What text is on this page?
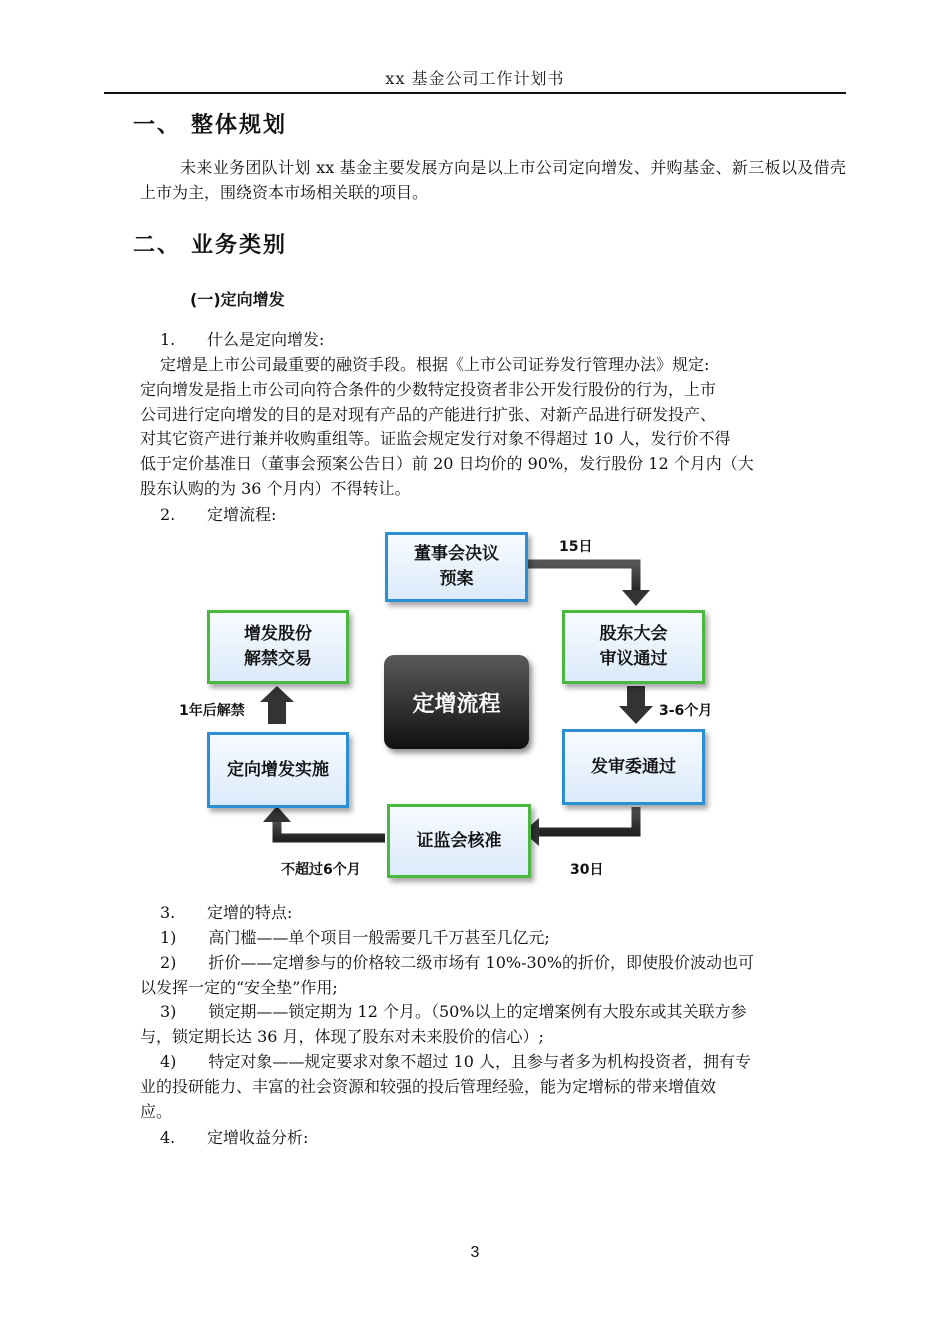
xx 基金公司工作计划书
一、 整体规划
未来业务团队计划 xx 基金主要发展方向是以上市公司定向增发、并购基金、新三板以及借壳上市为主，围绕资本市场相关联的项目。
二、 业务类别
(一)定向增发
1. 什么是定向增发:
定增是上市公司最重要的融资手段。根据《上市公司证券发行管理办法》规定:
定向增发是指上市公司向符合条件的少数特定投资者非公开发行股份的行为，上市
公司进行定向增发的目的是对现有产品的产能进行扩张、对新产品进行研发投产、
对其它资产进行兼并收购重组等。证监会规定发行对象不得超过 10 人，发行价不得
低于定价基准日（董事会预案公告日）前 20 日均价的 90%，发行股份 12 个月内（大
股东认购的为 36 个月内）不得转让。
2. 定增流程:
董事会决议
预案
股东大会
审议通过
发审委通过
证监会核准
定向增发实施
增发股份
解禁交易
定增流程
15日
3-6个月
30日
不超过6个月
1年后解禁
3. 定增的特点:
1)　　高门槛——单个项目一般需要几千万甚至几亿元;
2)　　折价——定增参与的价格较二级市场有 10%-30%的折价，即使股价波动也可
以发挥一定的“安全垫”作用;
3)　　锁定期——锁定期为 12 个月。（50%以上的定增案例有大股东或其关联方参
与，锁定期长达 36 月，体现了股东对未来股价的信心）;
4)　　特定对象——规定要求对象不超过 10 人，且参与者多为机构投资者，拥有专
业的投研能力、丰富的社会资源和较强的投后管理经验，能为定增标的带来增值效
应。
4. 定增收益分析:
3
